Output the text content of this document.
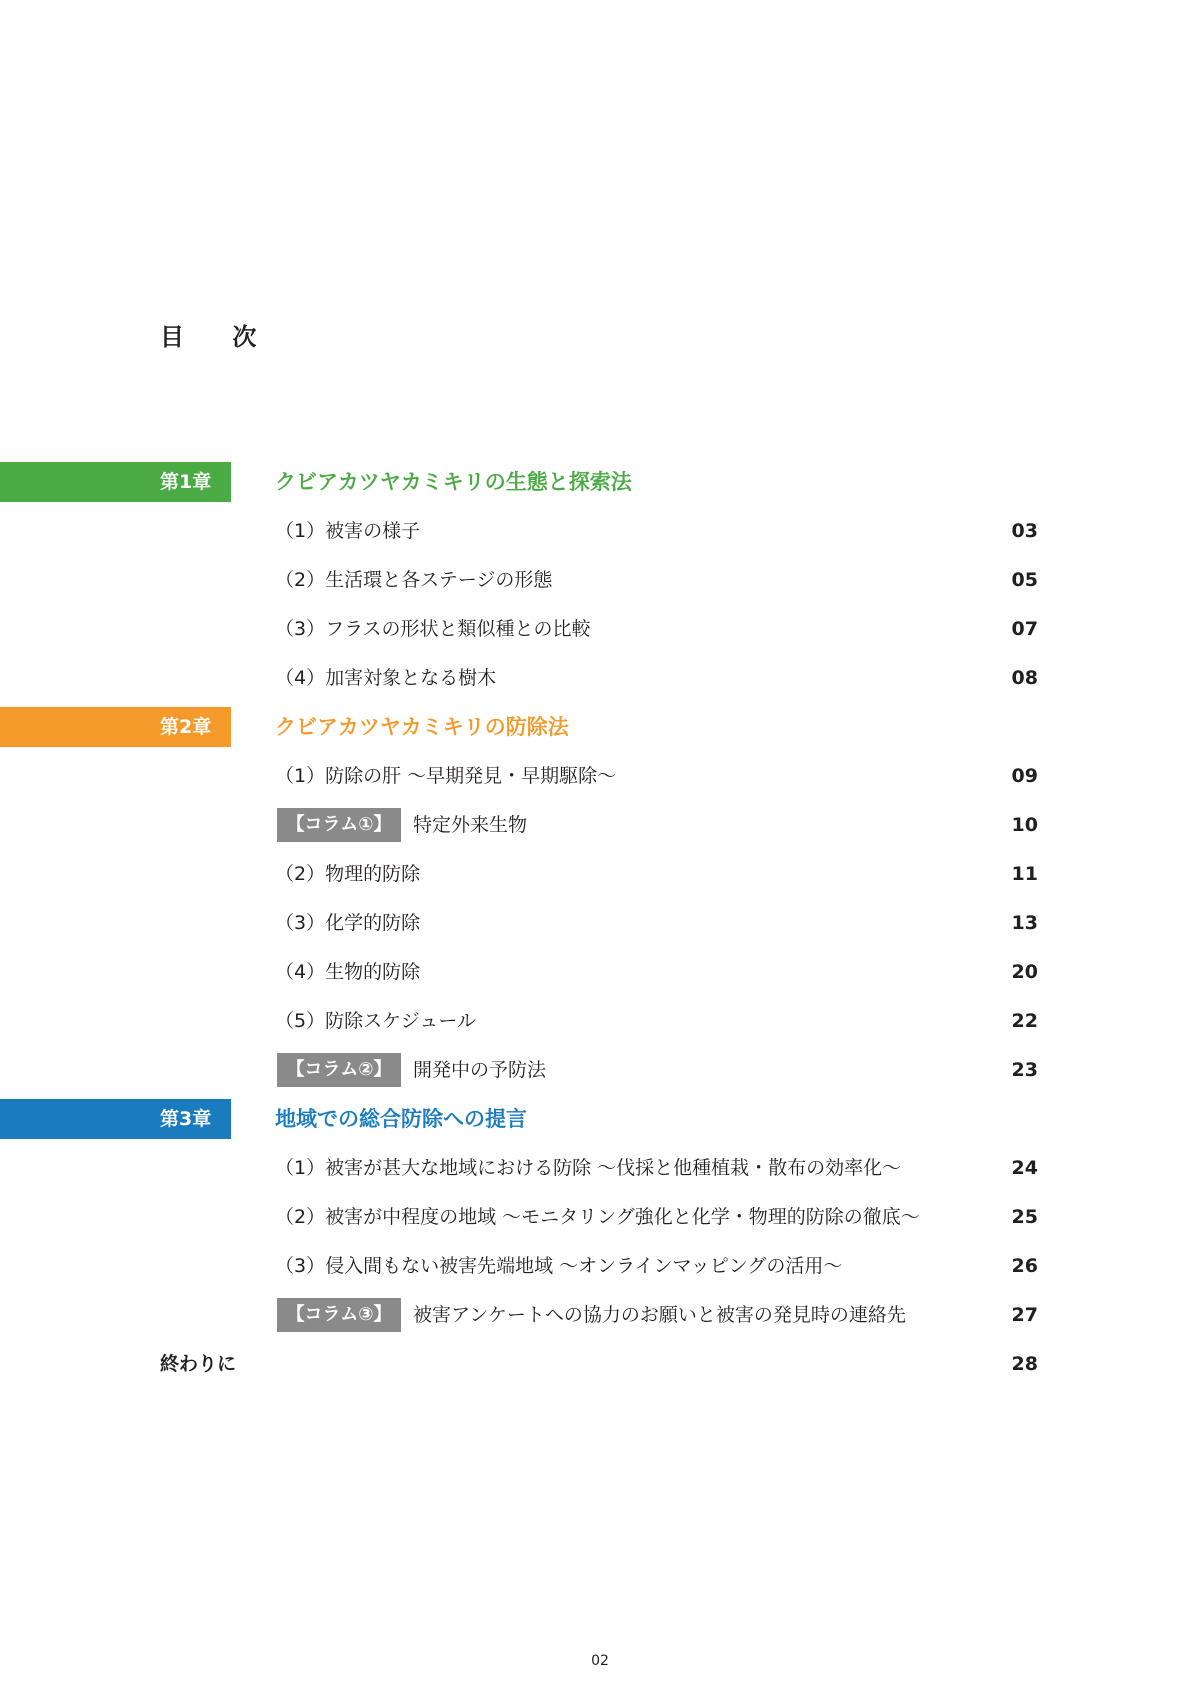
目 次
第1章	クビアカツヤカミキリの生態と探索法
（1）被害の様子	03
（2）生活環と各ステージの形態	05
（3）フラスの形状と類似種との比較	07
（4）加害対象となる樹木	08
第2章	クビアカツヤカミキリの防除法
（1）防除の肝 ～早期発見・早期駆除～	09
【コラム①】	特定外来生物	10
（2）物理的防除	11
（3）化学的防除	13
（4）生物的防除	20
（5）防除スケジュール	22
【コラム②】	開発中の予防法	23
第3章	地域での総合防除への提言
（1）被害が甚大な地域における防除 ～伐採と他種植栽・散布の効率化～	24
（2）被害が中程度の地域 ～モニタリング強化と化学・物理的防除の徹底～	25
（3）侵入間もない被害先端地域 ～オンラインマッピングの活用～	26
【コラム③】	被害アンケートへの協力のお願いと被害の発見時の連絡先	27
終わりに	28
02
